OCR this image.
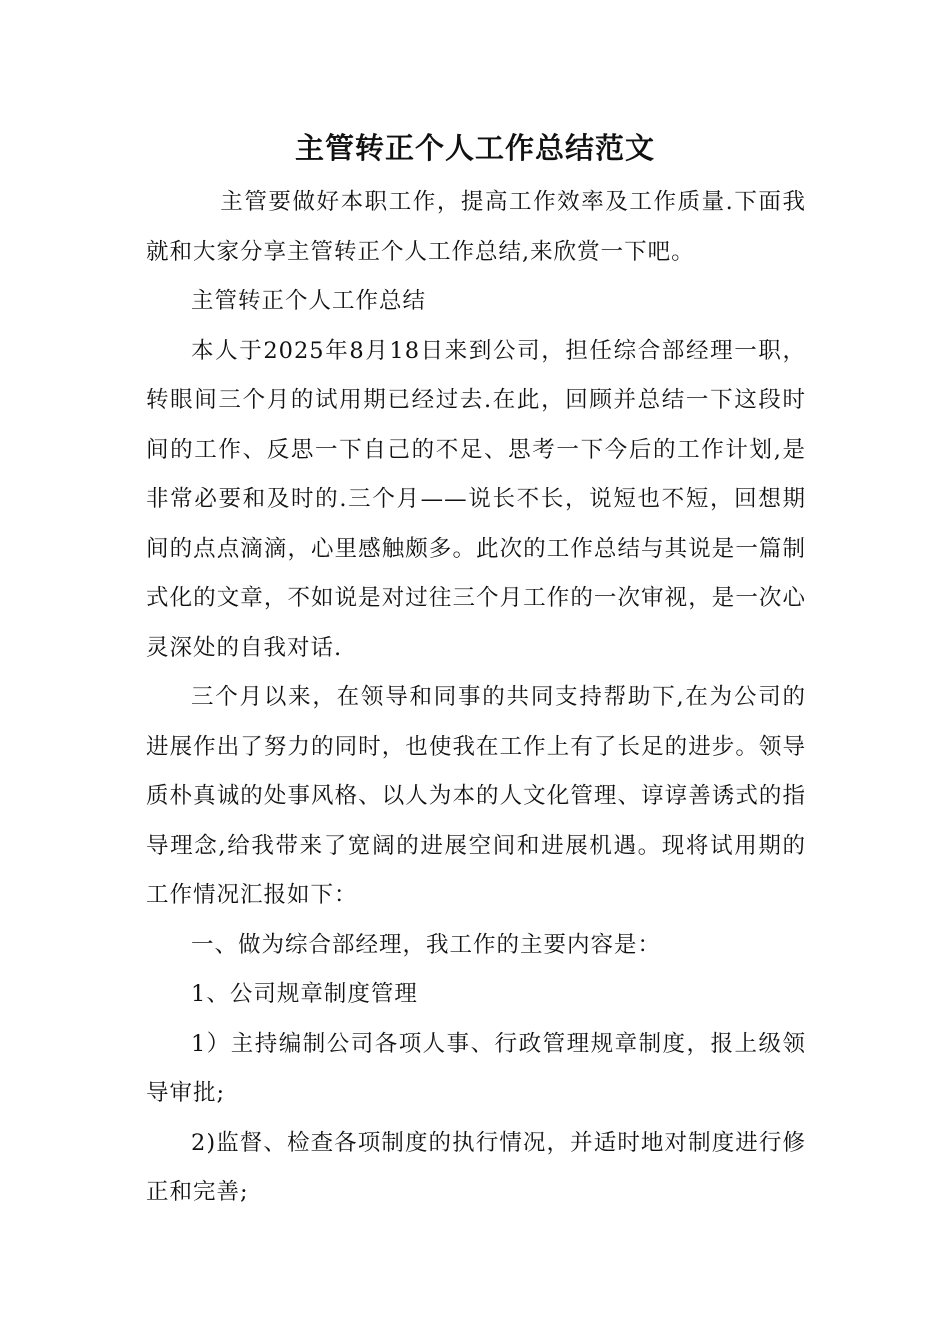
主管转正个人工作总结范文

主管要做好本职工作，提高工作效率及工作质量.下面我就和大家分享主管转正个人工作总结,来欣赏一下吧。

主管转正个人工作总结

本人于2025年8月18日来到公司，担任综合部经理一职，转眼间三个月的试用期已经过去.在此，回顾并总结一下这段时间的工作、反思一下自己的不足、思考一下今后的工作计划,是非常必要和及时的.三个月——说长不长，说短也不短，回想期间的点点滴滴，心里感触颇多。此次的工作总结与其说是一篇制式化的文章，不如说是对过往三个月工作的一次审视，是一次心灵深处的自我对话.

三个月以来，在领导和同事的共同支持帮助下,在为公司的进展作出了努力的同时，也使我在工作上有了长足的进步。领导质朴真诚的处事风格、以人为本的人文化管理、谆谆善诱式的指导理念,给我带来了宽阔的进展空间和进展机遇。现将试用期的工作情况汇报如下：

一、做为综合部经理，我工作的主要内容是：

1、公司规章制度管理

1）主持编制公司各项人事、行政管理规章制度，报上级领导审批;

2)监督、检查各项制度的执行情况，并适时地对制度进行修正和完善;
